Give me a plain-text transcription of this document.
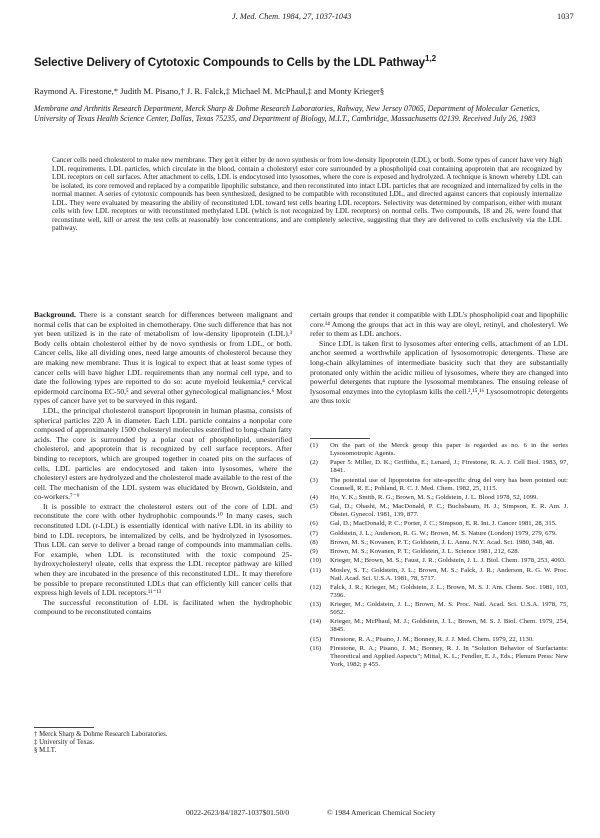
J. Med. Chem. 1984, 27, 1037-1043	1037
Selective Delivery of Cytotoxic Compounds to Cells by the LDL Pathway$^{1,2}$
Raymond A. Firestone,* Judith M. Pisano,† J. R. Falck,‡ Michael M. McPhaul,‡ and Monty Krieger§
Membrane and Arthritis Research Department, Merck Sharp & Dohme Research Laboratories, Rahway, New Jersey 07065, Department of Molecular Genetics, University of Texas Health Science Center, Dallas, Texas 75235, and Department of Biology, M.I.T., Cambridge, Massachusetts 02139. Received July 26, 1983
Cancer cells need cholesterol to make new membrane. They get it either by de novo synthesis or from low-density lipoprotein (LDL), or both. Some types of cancer have very high LDL requirements. LDL particles, which circulate in the blood, contain a cholesteryl ester core surrounded by a phospholipid coat containing apoprotein that are recognized by LDL receptors on cell surfaces. After attachment to cells, LDL is endocytosed into lysosomes, where the core is exposed and hydrolyzed. A technique is known whereby LDL can be isolated, its core removed and replaced by a compatible lipophilic substance, and then reconstituted into intact LDL particles that are recognized and internalized by cells in the normal manner. A series of cytotoxic compounds has been synthesized, designed to be compatible with reconstituted LDL, and directed against cancers that copiously internalize LDL. They were evaluated by measuring the ability of reconstituted LDL toward test cells bearing LDL receptors. Selectivity was determined by comparison, either with mutant cells with few LDL receptors or with reconstituted methylated LDL (which is not recognized by LDL receptors) on normal cells. Two compounds, 18 and 26, were found that reconstitute well, kill or arrest the test cells at reasonably low concentrations, and are completely selective, suggesting that they are delivered to cells exclusively via the LDL pathway.

Background. There is a constant search for differences between malignant and normal cells that can be exploited in chemotherapy. One such difference that has not yet been utilized is in the rate of metabolism of low-density lipoprotein (LDL).³ Body cells obtain cholesterol either by de novo synthesis or from LDL, or both. Cancer cells, like all dividing ones, need large amounts of cholesterol because they are making new membrane. Thus it is logical to expect that at least some types of cancer cells will have higher LDL requirements than any normal cell type, and to date the following types are reported to do so: acute myeloid leukemia,⁴ cervical epidermoid carcinoma EC-50,⁵ and several other gynecological malignancies.⁶ Most types of cancer have yet to be surveyed in this regard.

LDL, the principal cholesterol transport lipoprotein in human plasma, consists of spherical particles 220 Å in diameter. Each LDL particle contains a nonpolar core composed of approximately 1500 cholesteryl molecules esterified to long-chain fatty acids. The core is surrounded by a polar coat of phospholipid, unesterified cholesterol, and apoprotein that is recognized by cell surface receptors. After binding to receptors, which are grouped together in coated pits on the surfaces of cells, LDL particles are endocytosed and taken into lysosomes, where the cholesteryl esters are hydrolyzed and the cholesterol made available to the rest of the cell. The mechanism of the LDL system was elucidated by Brown, Goldstein, and co-workers.⁷⁻⁹

It is possible to extract the cholesterol esters out of the core of LDL and reconstitute the core with other hydrophobic compounds.¹⁰ In many cases, such reconstituted LDL (r-LDL) is essentially identical with native LDL in its ability to bind to LDL receptors, be internalized by cells, and be hydrolyzed in lysosomes. Thus LDL can serve to deliver a broad range of compounds into mammalian cells. For example, when LDL is reconstituted with the toxic compound 25-hydroxycholesteryl oleate, cells that express the LDL receptor pathway are killed when they are incubated in the presence of this reconstituted LDL. It may therefore be possible to prepare reconstituted LDLs that can efficiently kill cancer cells that express high levels of LDL receptors.¹¹⁻¹³

The successful reconstitution of LDL is facilitated when the hydrophobic compound to be reconstituted contains

† Merck Sharp & Dohme Research Laboratories.
‡ University of Texas.
§ M.I.T.

certain groups that render it compatible with LDL's phospholipid coat and lipophilic core.¹⁴ Among the groups that act in this way are oleyl, retinyl, and cholesteryl. We refer to them as LDL anchors.

Since LDL is taken first to lysosomes after entering cells, attachment of an LDL anchor seemed a worthwhile application of lysosomotropic detergents. These are long-chain alkylamines of intermediate basicity such that they are substantially protonated only within the acidic milieu of lysosomes, where they are changed into powerful detergents that rupture the lysosomal membranes. The ensuing release of lysosomal enzymes into the cytoplasm kills the cell.²,¹⁵,¹⁶ Lysosomotropic detergents are thus toxic

(1)	On the part of the Merck group this paper is regarded as no. 6 in the series Lysosomotropic Agents.
(2)	Paper 5: Miller, D. K.; Griffiths, E.; Lenard, J.; Firestone, R. A. J. Cell Biol. 1983, 97, 1841.
(3)	The potential use of lipoproteins for site-specific drug del very has been pointed out: Counsell, R. E.; Pohland, R. C. J. Med. Chem. 1982, 25, 1115.
(4)	Ho, Y. K.; Smith, R. G.; Brown, M. S.; Goldstein, J. L. Blood 1978, 52, 1099.
(5)	Gal, D.; Ohashi, M.; MacDonald, P. C.; Buchsbaum, H. J.; Simpson, E. R. Am. J. Obstet. Gynecol. 1981, 139, 877.
(6)	Gal, D.; MacDonald, P. C.; Porter, J. C.; Simpson, E. R. Int. J. Cancer 1981, 28, 315.
(7)	Goldstein, J. L.; Anderson, R. G. W.; Brown, M. S. Nature (London) 1979, 279, 679.
(8)	Brown, M. S.; Kovanen, P. T.; Goldstein, J. L. Annu. N.Y. Acad. Sci. 1980, 348, 48.
(9)	Brown, M. S.; Kovanen, P. T.; Goldstein, J. L. Science 1981, 212, 628.
(10)	Krieger, M.; Brown, M. S.; Faust, J. R.; Goldstein, J. L. J. Biol. Chem. 1978, 253, 4093.
(11)	Mosley, S. T.; Goldstein, J. L.; Brown, M. S.; Falck, J. R.; Anderson, R. G. W. Proc. Natl. Acad. Sci. U.S.A. 1981, 78, 5717.
(12)	Falck, J. R.; Krieger, M.; Goldstein, J. L.; Brown, M. S. J. Am. Chem. Soc. 1981, 103, 7396.
(13)	Krieger, M.; Goldstein, J. L.; Brown, M. S. Proc. Natl. Acad. Sci. U.S.A. 1978, 75, 5052.
(14)	Krieger, M.; McPhaul, M. J.; Goldstein, J. L.; Brown, M. S. J. Biol. Chem. 1979, 254, 3845.
(15)	Firestone, R. A.; Pisano, J. M.; Bonney, R. J. J. Med. Chem. 1979, 22, 1130.
(16)	Firestone, R. A.; Pisano, J. M.; Bonney, R. J. In "Solution Behavior of Surfactants: Theoretical and Applied Aspects"; Mittal, K. L.; Fendler, E. J., Eds.; Plenum Press: New York, 1982; p 455.
0022-2623/84/1827-1037$01.50/0	© 1984 American Chemical Society
